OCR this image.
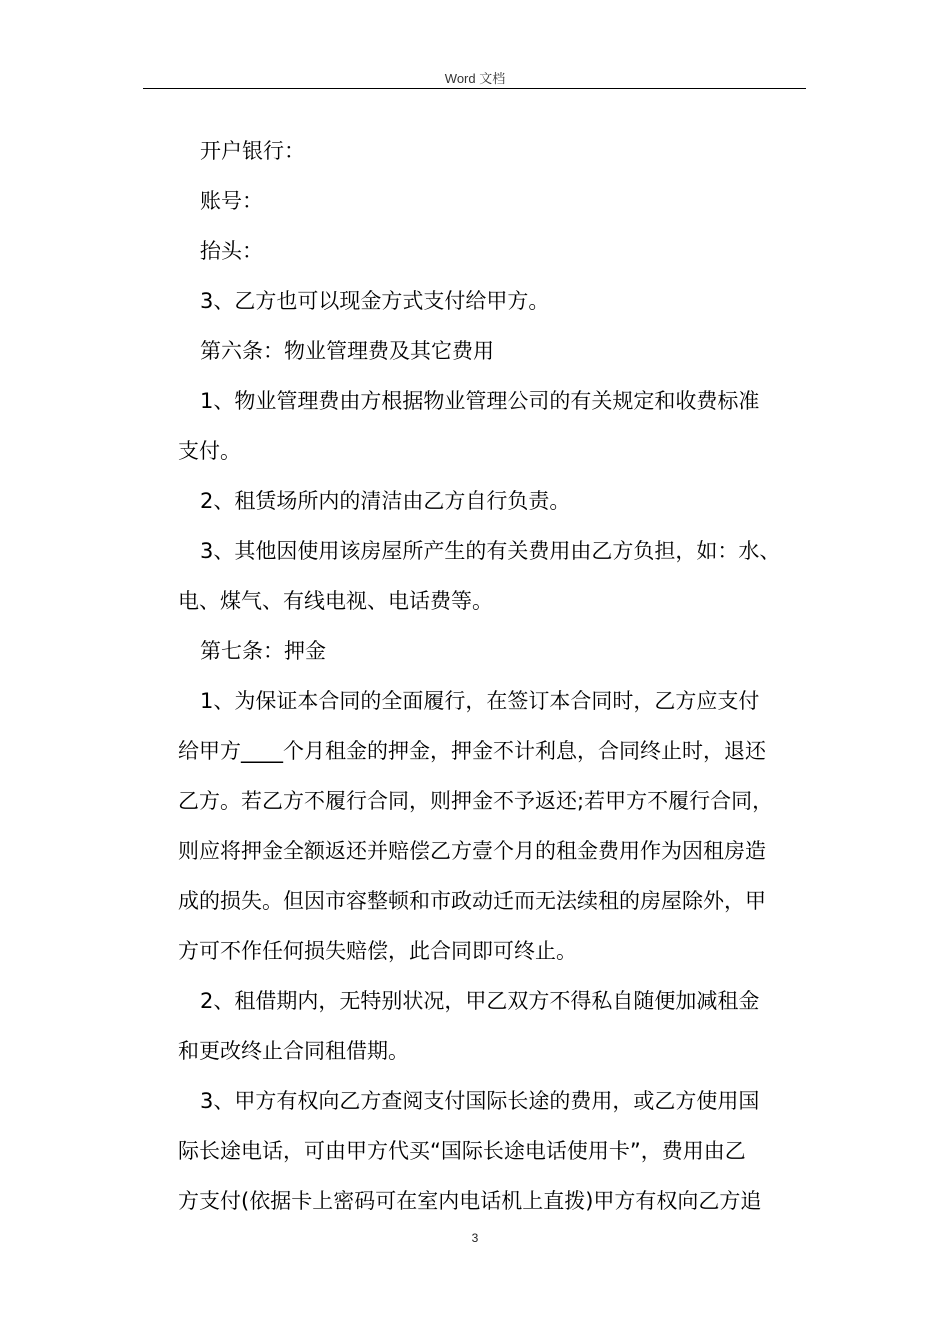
Word 文档
开户银行：
账号：
抬头：
3、乙方也可以现金方式支付给甲方。
第六条：物业管理费及其它费用
1、物业管理费由方根据物业管理公司的有关规定和收费标准
支付。
2、租赁场所内的清洁由乙方自行负责。
3、其他因使用该房屋所产生的有关费用由乙方负担，如：水、
电、煤气、有线电视、电话费等。
第七条：押金
1、为保证本合同的全面履行，在签订本合同时，乙方应支付
给甲方____个月租金的押金，押金不计利息，合同终止时，退还
乙方。若乙方不履行合同，则押金不予返还;若甲方不履行合同，
则应将押金全额返还并赔偿乙方壹个月的租金费用作为因租房造
成的损失。但因市容整顿和市政动迁而无法续租的房屋除外，甲
方可不作任何损失赔偿，此合同即可终止。
2、租借期内，无特别状况，甲乙双方不得私自随便加减租金
和更改终止合同租借期。
3、甲方有权向乙方查阅支付国际长途的费用，或乙方使用国
际长途电话，可由甲方代买“国际长途电话使用卡”，费用由乙
方支付(依据卡上密码可在室内电话机上直拨)甲方有权向乙方追
3
